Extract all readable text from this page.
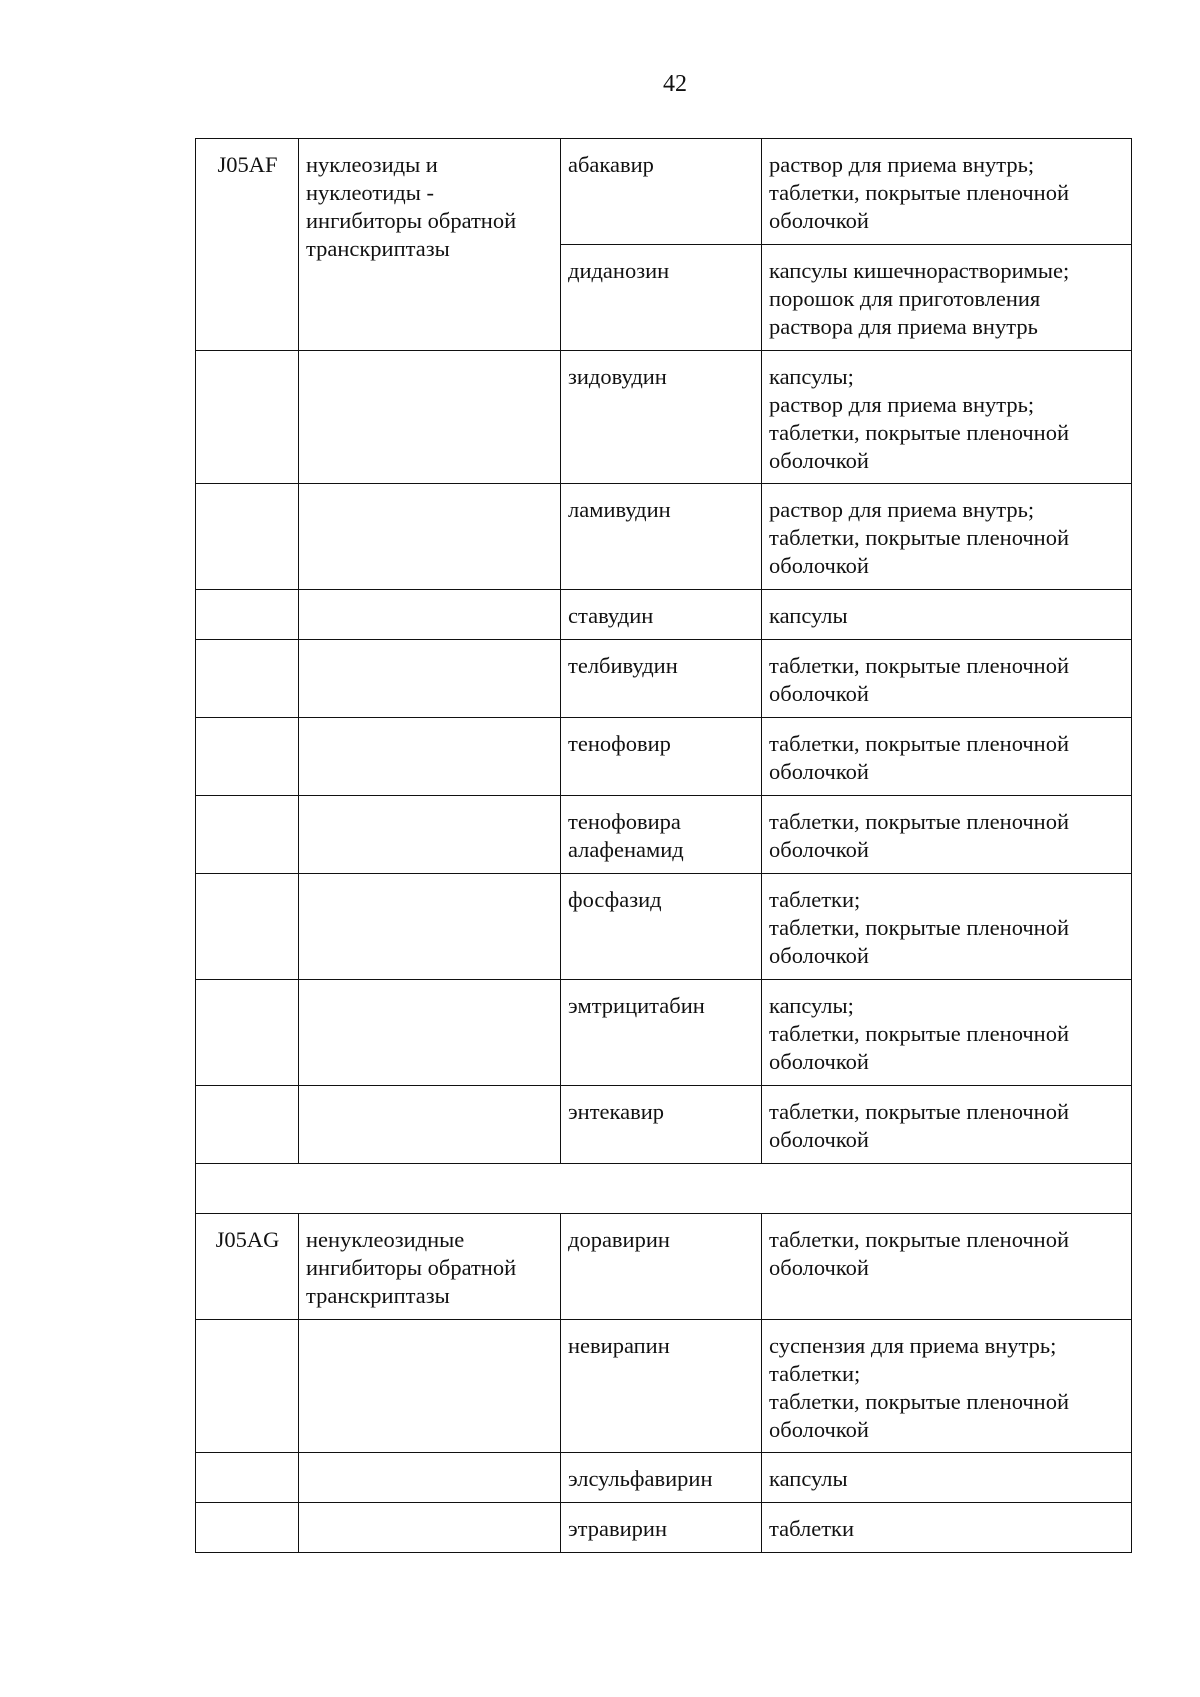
42
J05AF	нуклеозиды и
нуклеотиды -
ингибиторы обратной
транскриптазы	абакавир	раствор для приема внутрь;
таблетки, покрытые пленочной
оболочкой

		диданозин	капсулы кишечнорастворимые;
порошок для приготовления
раствора для приема внутрь

		зидовудин	капсулы;
раствор для приема внутрь;
таблетки, покрытые пленочной
оболочкой

		ламивудин	раствор для приема внутрь;
таблетки, покрытые пленочной
оболочкой

		ставудин	капсулы

		телбивудин	таблетки, покрытые пленочной
оболочкой

		тенофовир	таблетки, покрытые пленочной
оболочкой

		тенофовира
алафенамид	таблетки, покрытые пленочной
оболочкой

		фосфазид	таблетки;
таблетки, покрытые пленочной
оболочкой

		эмтрицитабин	капсулы;
таблетки, покрытые пленочной
оболочкой

		энтекавир	таблетки, покрытые пленочной
оболочкой

J05AG	ненуклеозидные
ингибиторы обратной
транскриптазы	доравирин	таблетки, покрытые пленочной
оболочкой

		невирапин	суспензия для приема внутрь;
таблетки;
таблетки, покрытые пленочной
оболочкой

		элсульфавирин	капсулы

		этравирин	таблетки
